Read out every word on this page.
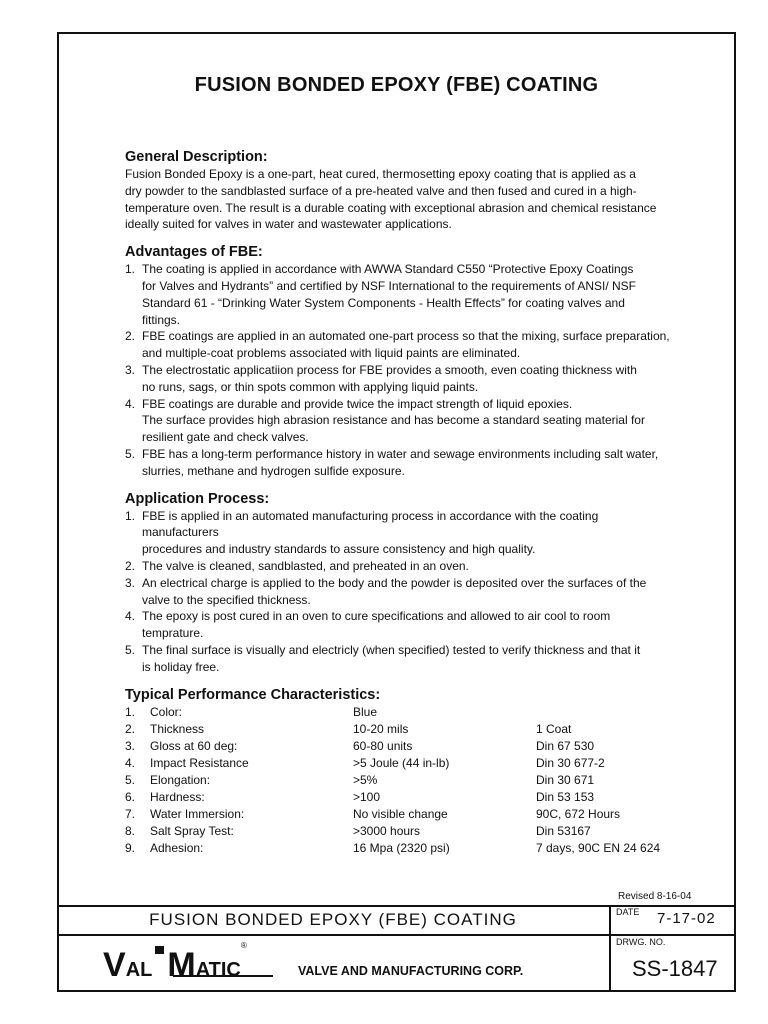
FUSION BONDED EPOXY (FBE) COATING
General Description:
Fusion Bonded Epoxy is a one-part, heat cured, thermosetting epoxy coating that is applied as a
dry powder to the sandblasted surface of a pre-heated valve and then fused and cured in a high-
temperature oven. The result is a durable coating with exceptional abrasion and chemical resistance
ideally suited for valves in water and wastewater applications.
Advantages of FBE:
1. The coating is applied in accordance with AWWA Standard C550 “Protective Epoxy Coatings
for Valves and Hydrants” and certified by NSF International to the requirements of ANSI/ NSF
Standard 61 - “Drinking Water System Components - Health Effects” for coating valves and
fittings.
2. FBE coatings are applied in an automated one-part process so that the mixing, surface preparation,
and multiple-coat problems associated with liquid paints are eliminated.
3. The electrostatic applicatiion process for FBE provides a smooth, even coating thickness with
no runs, sags, or thin spots common with applying liquid paints.
4. FBE coatings are durable and provide twice the impact strength of liquid epoxies.
The surface provides high abrasion resistance and has become a standard seating material for
resilient gate and check valves.
5. FBE has a long-term performance history in water and sewage environments including salt water,
slurries, methane and hydrogen sulfide exposure.
Application Process:
1. FBE is applied in an automated manufacturing process in accordance with the coating manufacturers
procedures and industry standards to assure consistency and high quality.
2. The valve is cleaned, sandblasted, and preheated in an oven.
3. An electrical charge is applied to the body and the powder is deposited over the surfaces of the
valve to the specified thickness.
4. The epoxy is post cured in an oven to cure specifications and allowed to air cool to room
temprature.
5. The final surface is visually and electricly (when specified) tested to verify thickness and that it
is holiday free.
Typical Performance Characteristics:
1.	Color:	Blue	
2.	Thickness	10-20 mils	1 Coat
3.	Gloss at 60 deg:	60-80 units	Din 67 530
4.	Impact Resistance	>5 Joule (44 in-lb)	Din 30 677-2
5.	Elongation:	>5%	Din 30 671
6.	Hardness:	>100	Din 53 153
7.	Water Immersion:	No visible change	90C, 672 Hours
8.	Salt Spray Test:	>3000 hours	Din 53167
9.	Adhesion:	16 Mpa (2320 psi)	7 days, 90C EN 24 624
Revised 8-16-04
FUSION BONDED EPOXY (FBE) COATING	DATE 7-17-02
DRWG. NO.
SS-1847
VAL MATIC®
VALVE AND MANUFACTURING CORP.
